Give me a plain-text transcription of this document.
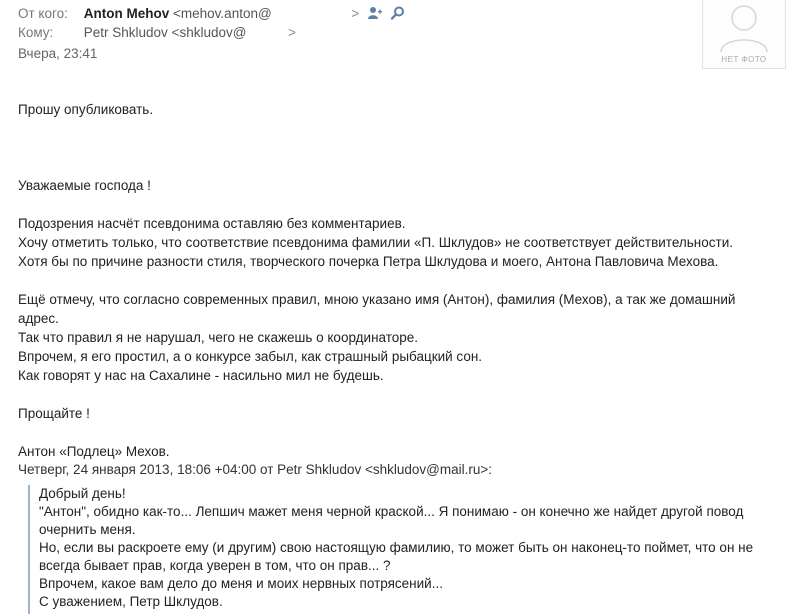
От кого: Anton Mehov <mehov.anton@	>
Кому: Petr Shkludov <shkludov@	>
Вчера, 23:41	НЕТ ФОТО

Прошу опубликовать.

Уважаемые господа !

Подозрения насчёт псевдонима оставляю без комментариев.

Хочу отметить только, что соответствие псевдонима фамилии «П. Шклудов» не соответствует действительности.

Хотя бы по причине разности стиля, творческого почерка Петра Шклудова и моего, Антона Павловича Мехова.

Ещё отмечу, что согласно современных правил, мною указано имя (Антон), фамилия (Мехов), а так же домашний

адрес.

Так что правил я не нарушал, чего не скажешь о координаторе.

Впрочем, я его простил, а о конкурсе забыл, как страшный рыбацкий сон.

Как говорят у нас на Сахалине - насильно мил не будешь.

Прощайте !

Антон «Подлец» Мехов.

Четверг, 24 января 2013, 18:06 +04:00 от Petr Shkludov <shkludov@mail.ru>:

Добрый день!

"Антон", обидно как-то... Лепшич мажет меня черной краской... Я понимаю - он конечно же найдет другой повод

очернить меня.

Но, если вы раскроете ему (и другим) свою настоящую фамилию, то может быть он наконец-то поймет, что он не

всегда бывает прав, когда уверен в том, что он прав... ?

Впрочем, какое вам дело до меня и моих нервных потрясений...

С уважением, Петр Шклудов.
